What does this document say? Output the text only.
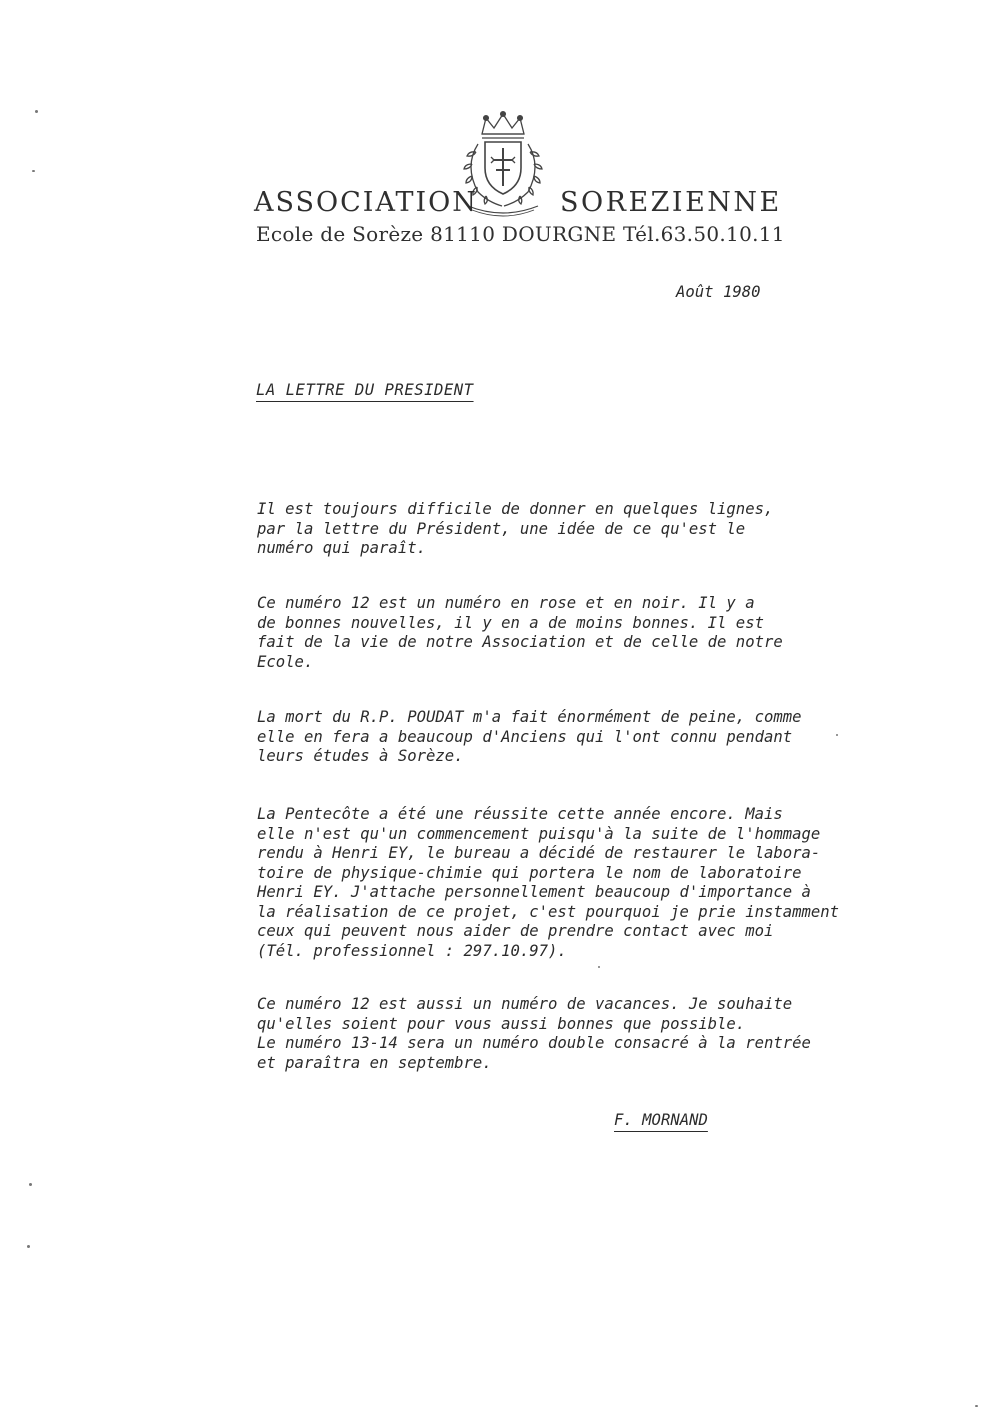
ASSOCIATION	SOREZIENNE
Ecole de Sorèze 81110 DOURGNE Tél.63.50.10.11
Août 1980
LA LETTRE DU PRESIDENT

Il est toujours difficile de donner en quelques lignes,
par la lettre du Président, une idée de ce qu'est le
numéro qui paraît.

Ce numéro 12 est un numéro en rose et en noir. Il y a
de bonnes nouvelles, il y en a de moins bonnes. Il est
fait de la vie de notre Association et de celle de notre
Ecole.

La mort du R.P. POUDAT m'a fait énormément de peine, comme
elle en fera a beaucoup d'Anciens qui l'ont connu pendant
leurs études à Sorèze.

La Pentecôte a été une réussite cette année encore. Mais
elle n'est qu'un commencement puisqu'à la suite de l'hommage
rendu à Henri EY, le bureau a décidé de restaurer le labora-
toire de physique-chimie qui portera le nom de laboratoire
Henri EY. J'attache personnellement beaucoup d'importance à
la réalisation de ce projet, c'est pourquoi je prie instamment
ceux qui peuvent nous aider de prendre contact avec moi
(Tél. professionnel : 297.10.97).

Ce numéro 12 est aussi un numéro de vacances. Je souhaite
qu'elles soient pour vous aussi bonnes que possible.
Le numéro 13-14 sera un numéro double consacré à la rentrée
et paraîtra en septembre.

F. MORNAND
